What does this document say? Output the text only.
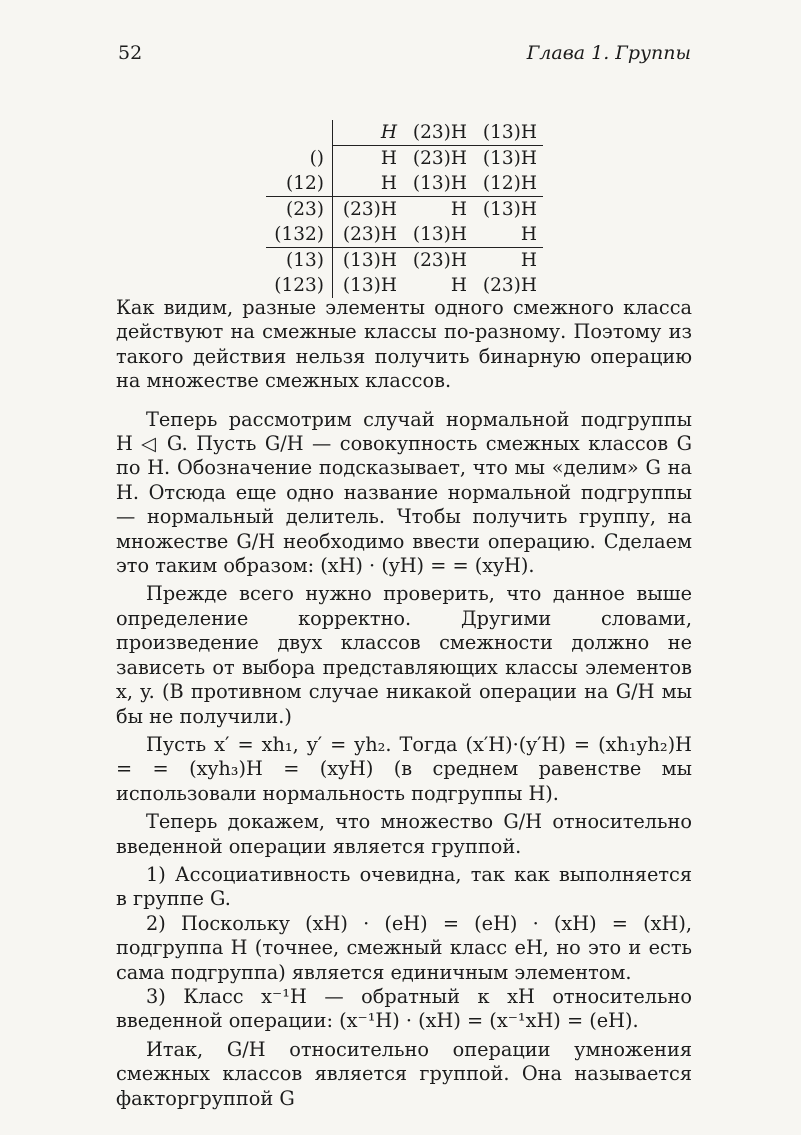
52	Глава 1. Группы
	H	(23)H	(13)H
()	H	(23)H	(13)H
(12)	H	(13)H	(12)H
(23)	(23)H	H	(13)H
(132)	(23)H	(13)H	H
(13)	(13)H	(23)H	H
(123)	(13)H	H	(23)H

Как видим, разные элементы одного смежного класса действуют на смежные классы по-разному. Поэтому из такого действия нельзя получить бинарную операцию на множестве смежных классов.

Теперь рассмотрим случай нормальной подгруппы H ◁ G. Пусть G/H — совокупность смежных классов G по H. Обозначение подсказывает, что мы «делим» G на H. Отсюда еще одно название нормальной подгруппы — нормальный делитель. Чтобы получить группу, на множестве G/H необходимо ввести операцию. Сделаем это таким образом: (xH) · (yH) = = (xyH).

Прежде всего нужно проверить, что данное выше определение корректно. Другими словами, произведение двух классов смежности должно не зависеть от выбора представляющих классы элементов x, y. (В противном случае никакой операции на G/H мы бы не получили.)

Пусть x′ = xh₁, y′ = yh₂. Тогда (x′H)·(y′H) = (xh₁yh₂)H = = (xyh₃)H = (xyH) (в среднем равенстве мы использовали нормальность подгруппы H).

Теперь докажем, что множество G/H относительно введенной операции является группой.

1) Ассоциативность очевидна, так как выполняется в группе G.

2) Поскольку (xH) · (eH) = (eH) · (xH) = (xH), подгруппа H (точнее, смежный класс eH, но это и есть сама подгруппа) является единичным элементом.

3) Класс x⁻¹H — обратный к xH относительно введенной операции: (x⁻¹H) · (xH) = (x⁻¹xH) = (eH).

Итак, G/H относительно операции умножения смежных классов является группой. Она называется факторгруппой G
